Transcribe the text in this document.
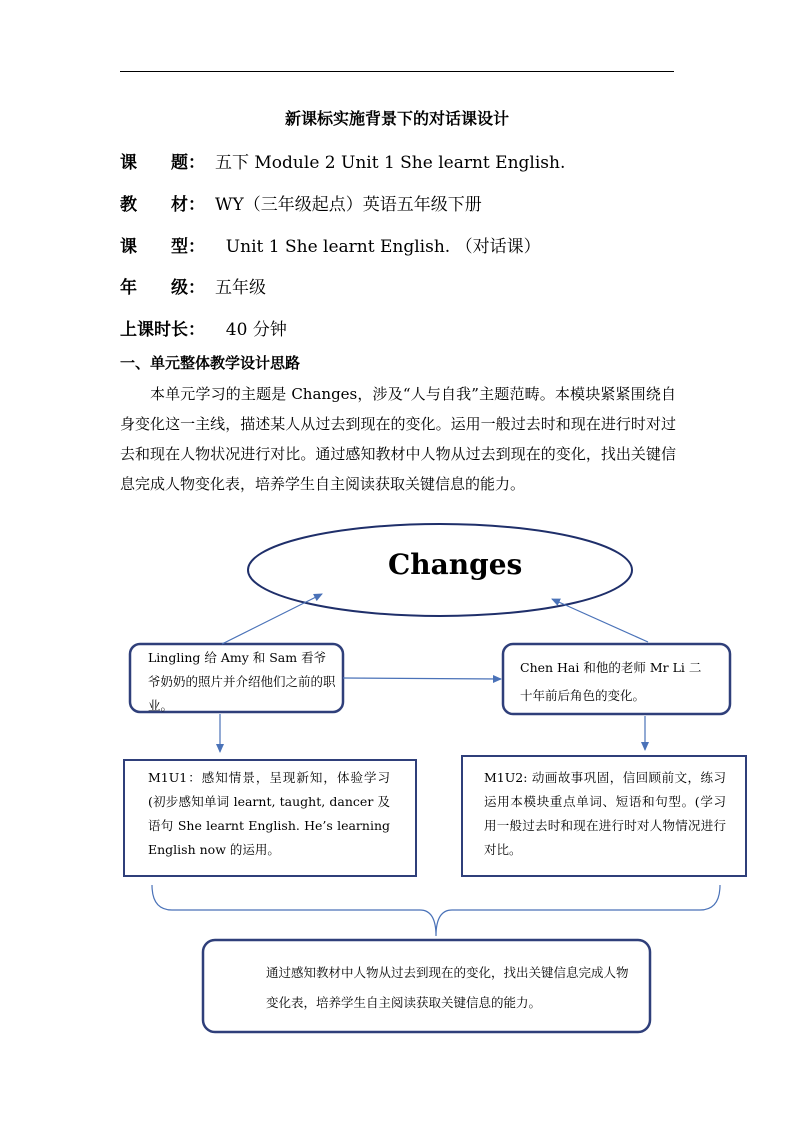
新课标实施背景下的对话课设计
课　　题： 五下 Module 2 Unit 1 She learnt English.
教　　材： WY（三年级起点）英语五年级下册
课　　型：  Unit 1 She learnt English. （对话课）
年　　级： 五年级
上课时长：  40 分钟
一、单元整体教学设计思路

本单元学习的主题是 Changes，涉及“人与自我”主题范畴。本模块紧紧围绕自身变化这一主线，描述某人从过去到现在的变化。运用一般过去时和现在进行时对过去和现在人物状况进行对比。通过感知教材中人物从过去到现在的变化，找出关键信息完成人物变化表，培养学生自主阅读获取关键信息的能力。

Changes
Lingling 给 Amy 和 Sam 看爷爷奶奶的照片并介绍他们之前的职业。
Chen Hai 和他的老师 Mr Li 二十年前后角色的变化。
M1U1：感知情景，呈现新知，体验学习(初步感知单词 learnt, taught, dancer 及语句 She learnt English. He’s learning English now 的运用。
M1U2: 动画故事巩固，信回顾前文，练习运用本模块重点单词、短语和句型。(学习用一般过去时和现在进行时对人物情况进行对比。
通过感知教材中人物从过去到现在的变化，找出关键信息完成人物变化表，培养学生自主阅读获取关键信息的能力。
